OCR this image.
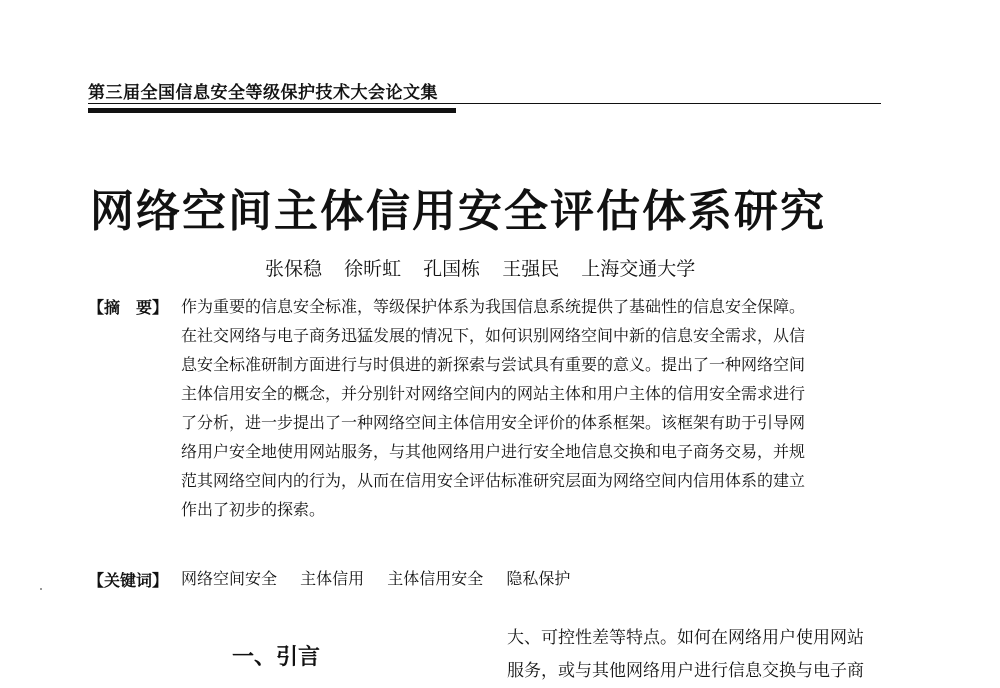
第三届全国信息安全等级保护技术大会论文集
网络空间主体信用安全评估体系研究
张保稳 徐昕虹 孔国栋 王强民 上海交通大学
【摘　要】 作为重要的信息安全标准，等级保护体系为我国信息系统提供了基础性的信息安全保障。
在社交网络与电子商务迅猛发展的情况下，如何识别网络空间中新的信息安全需求，从信
息安全标准研制方面进行与时俱进的新探索与尝试具有重要的意义。提出了一种网络空间
主体信用安全的概念，并分别针对网络空间内的网站主体和用户主体的信用安全需求进行
了分析，进一步提出了一种网络空间主体信用安全评价的体系框架。该框架有助于引导网
络用户安全地使用网站服务，与其他网络用户进行安全地信息交换和电子商务交易，并规
范其网络空间内的行为，从而在信用安全评估标准研究层面为网络空间内信用体系的建立
作出了初步的探索。
【关键词】 网络空间安全 主体信用 主体信用安全 隐私保护
一、引言
大、可控性差等特点。如何在网络用户使用网站
服务，或与其他网络用户进行信息交换与电子商
